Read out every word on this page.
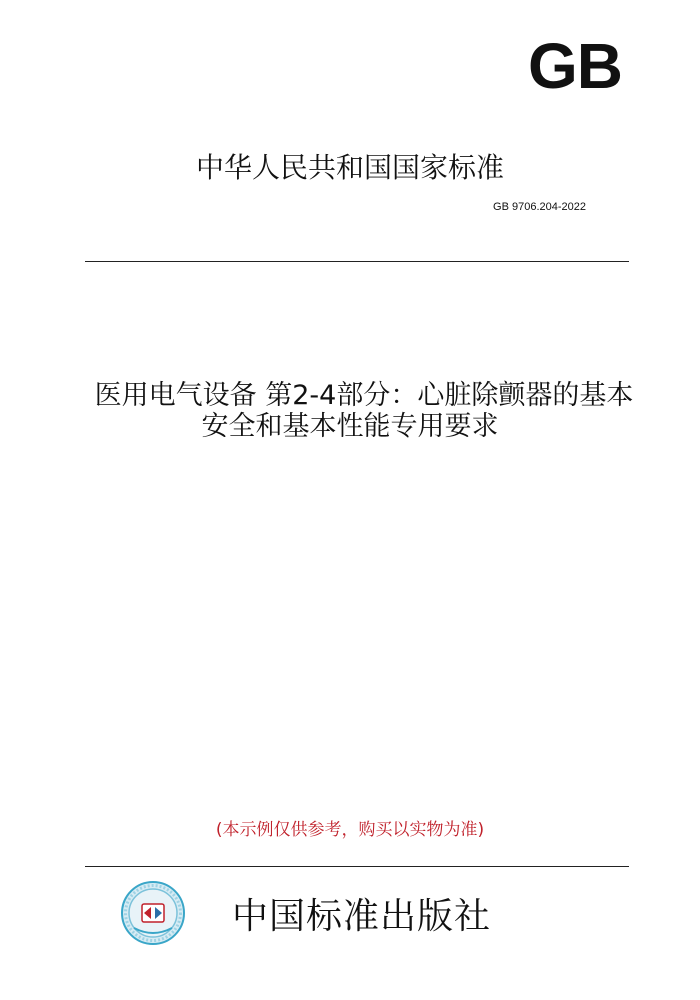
GB
中华人民共和国国家标准
GB 9706.204-2022
医用电气设备 第2-4部分：心脏除颤器的基本
安全和基本性能专用要求
(本示例仅供参考，购买以实物为准)
中国标准出版社
